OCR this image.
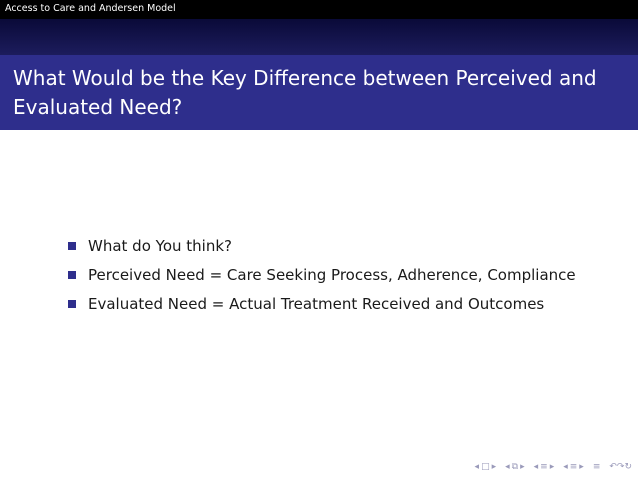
Access to Care and Andersen Model
What Would be the Key Difference between Perceived and Evaluated Need?
What do You think?
Perceived Need = Care Seeking Process, Adherence, Compliance
Evaluated Need = Actual Treatment Received and Outcomes
◂ □ ▸ ◂ ⧉ ▸ ◂ ≡ ▸ ◂ ≡ ▸ ≡ ↶↷↻
